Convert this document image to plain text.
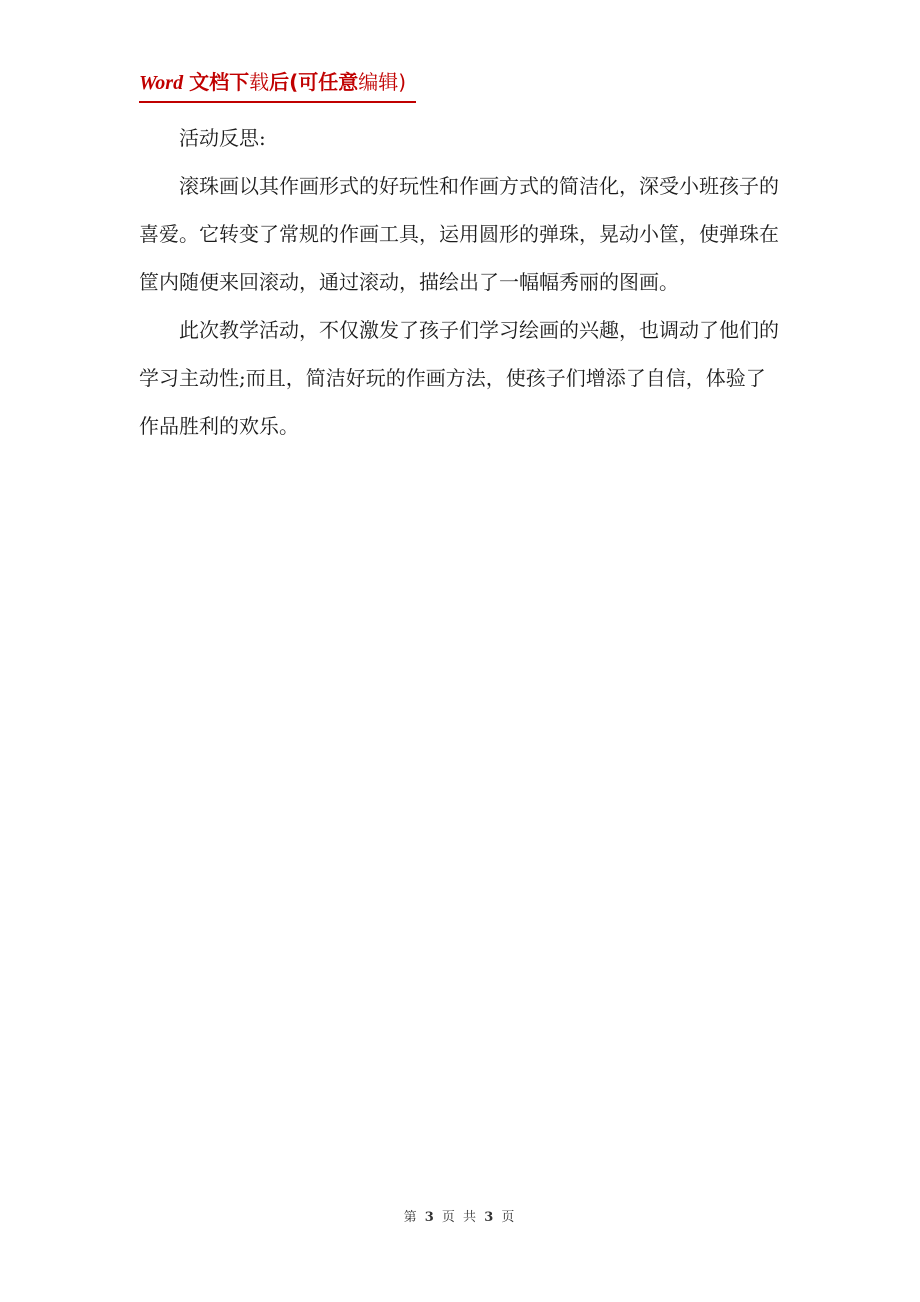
Word 文档下载后(可任意编辑)

活动反思:

滚珠画以其作画形式的好玩性和作画方式的简洁化，深受小班孩子的 喜爱。它转变了常规的作画工具，运用圆形的弹珠，晃动小筐，使弹珠在筐内随便来回滚动，通过滚动，描绘出了一幅幅秀丽的图画。

此次教学活动，不仅激发了孩子们学习绘画的兴趣，也调动了他们的学习主动性;而且，简洁好玩的作画方法，使孩子们增添了自信，体验了作品胜利的欢乐。

第 3 页 共 3 页
